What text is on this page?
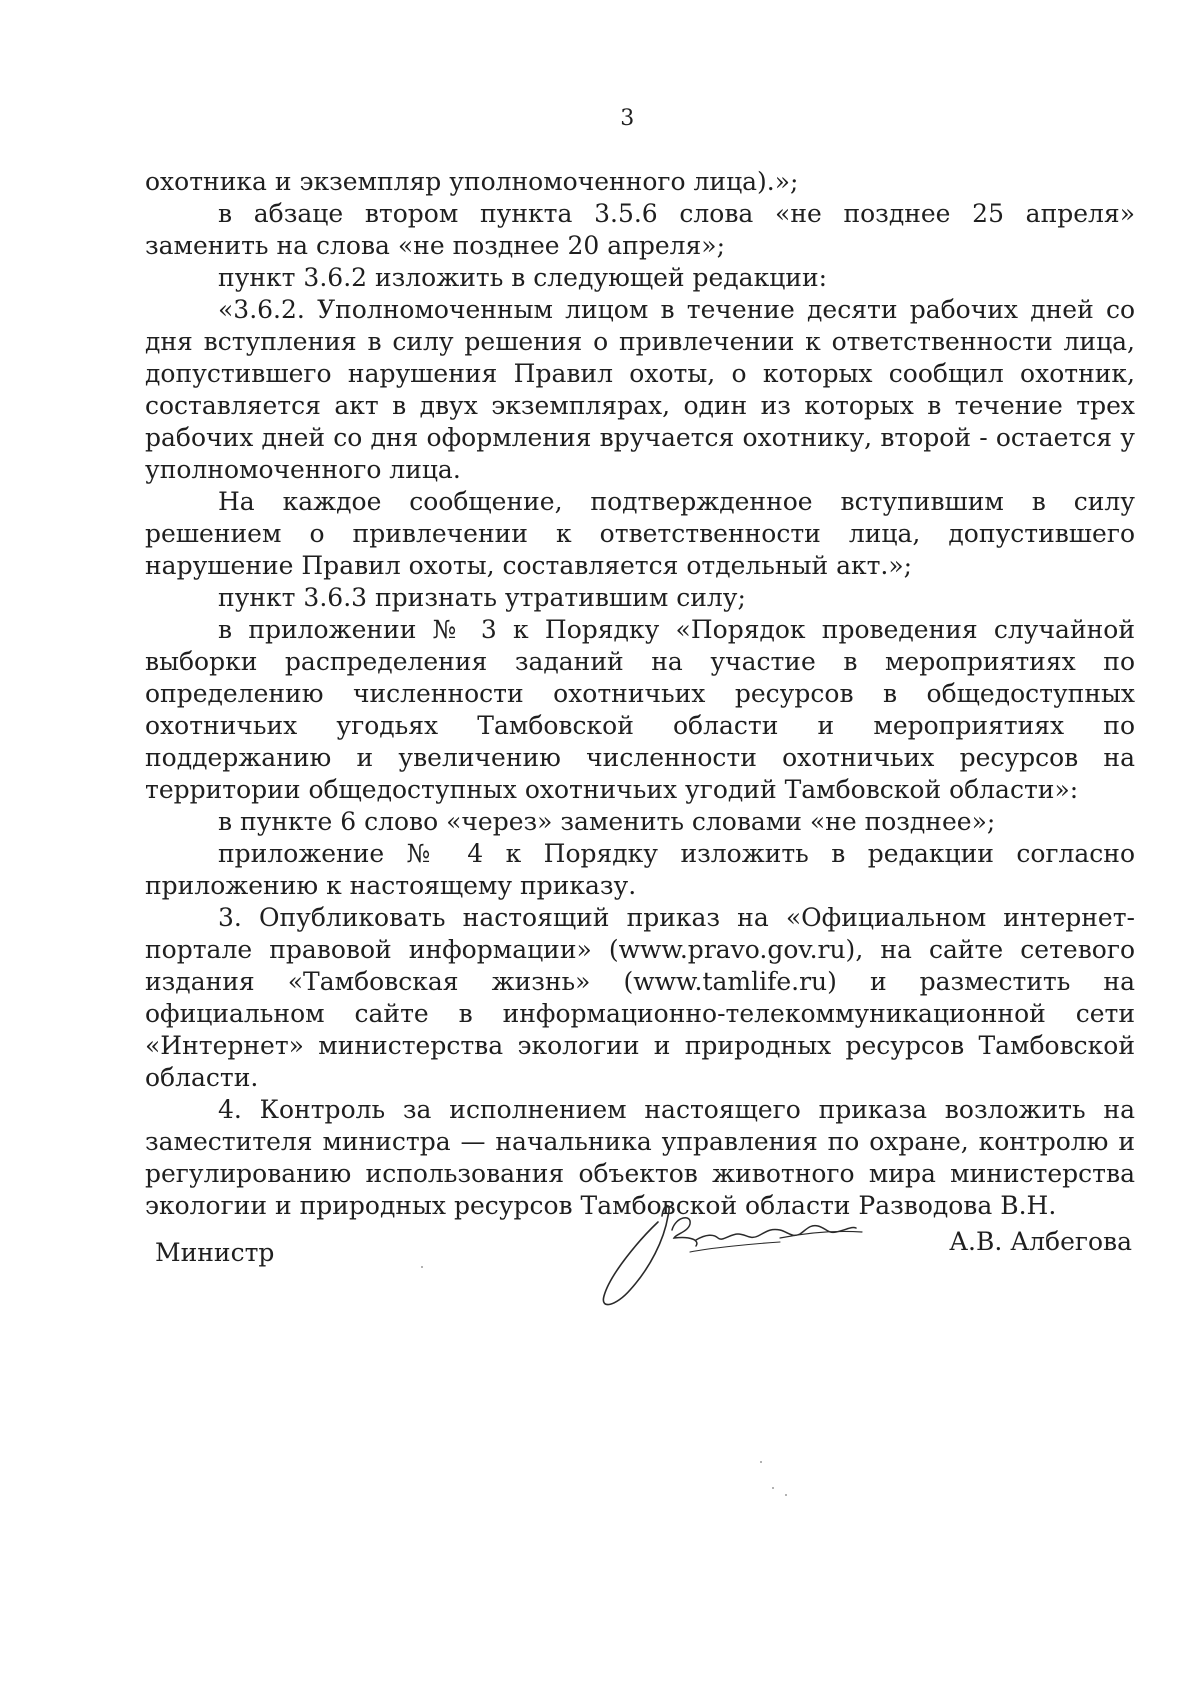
3

охотника и экземпляр уполномоченного лица).»;

в абзаце втором пункта 3.5.6 слова «не позднее 25 апреля» заменить на слова «не позднее 20 апреля»;

пункт 3.6.2 изложить в следующей редакции:

«3.6.2. Уполномоченным лицом в течение десяти рабочих дней со дня вступления в силу решения о привлечении к ответственности лица, допустившего нарушения Правил охоты, о которых сообщил охотник, составляется акт в двух экземплярах, один из которых в течение трех рабочих дней со дня оформления вручается охотнику, второй - остается у уполномоченного лица.

На каждое сообщение, подтвержденное вступившим в силу решением о привлечении к ответственности лица, допустившего нарушение Правил охоты, составляется отдельный акт.»;

пункт 3.6.3 признать утратившим силу;

в приложении № 3 к Порядку «Порядок проведения случайной выборки распределения заданий на участие в мероприятиях по определению численности охотничьих ресурсов в общедоступных охотничьих угодьях Тамбовской области и мероприятиях по поддержанию и увеличению численности охотничьих ресурсов на территории общедоступных охотничьих угодий Тамбовской области»:

в пункте 6 слово «через» заменить словами «не позднее»;

приложение № 4 к Порядку изложить в редакции согласно приложению к настоящему приказу.

3. Опубликовать настоящий приказ на «Официальном интернет-портале правовой информации» (www.pravo.gov.ru), на сайте сетевого издания «Тамбовская жизнь» (www.tamlife.ru) и разместить на официальном сайте в информационно-телекоммуникационной сети «Интернет» министерства экологии и природных ресурсов Тамбовской области.

4. Контроль за исполнением настоящего приказа возложить на заместителя министра — начальника управления по охране, контролю и регулированию использования объектов животного мира министерства экологии и природных ресурсов Тамбовской области Разводова В.Н.

Министр	А.В. Албегова
